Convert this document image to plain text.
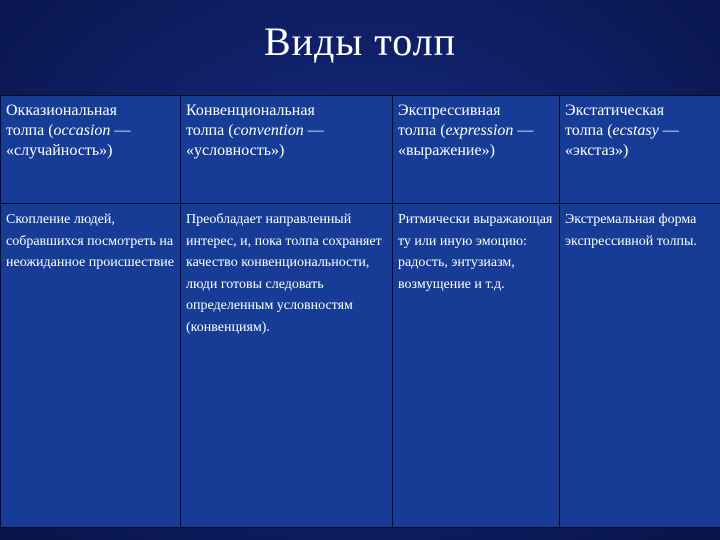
Виды толп
Окказиональная
толпа (occasion —
«случайность»)	Конвенциональная
толпа (convention —
«условность»)	Экспрессивная
толпа (expression —
«выражение»)	Экстатическая
толпа (ecstasy —
«экстаз»)
Скопление людей, собравшихся посмотреть на неожиданное происшествие	Преобладает направленный интерес, и, пока толпа сохраняет качество конвенциональности, люди готовы следовать определенным условностям (конвенциям).	Ритмически выражающая ту или иную эмоцию: радость, энтузиазм, возмущение и т.д.	Экстремальная форма экспрессивной толпы.
